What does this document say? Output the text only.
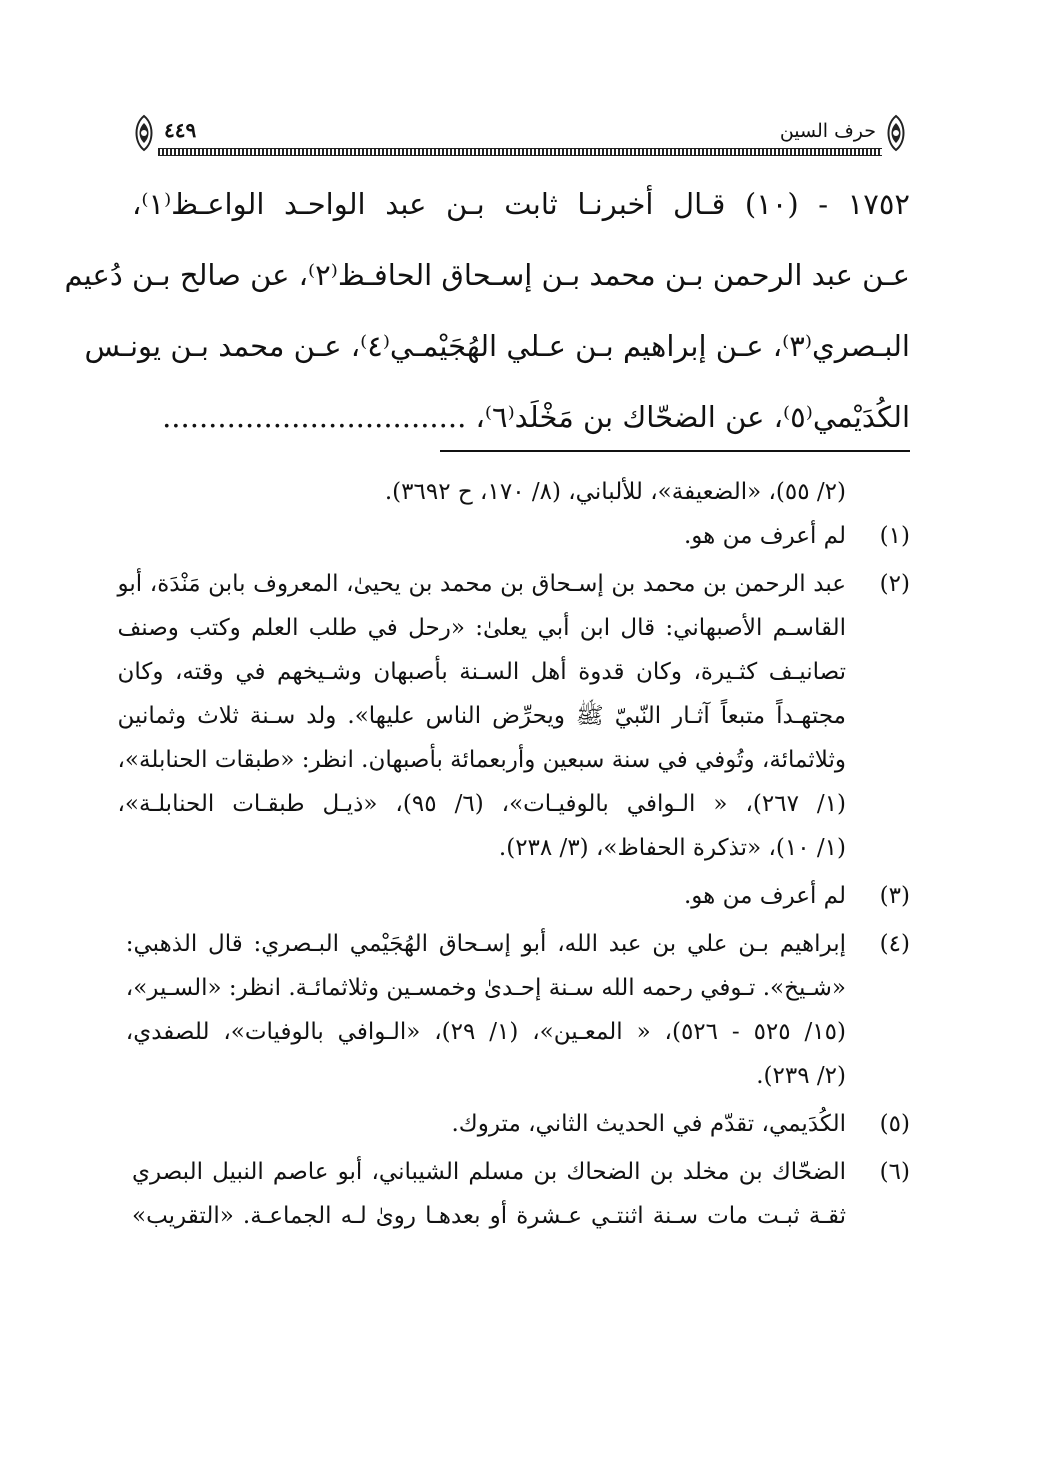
حرف السين
٤٤٩
١٧٥٢ - (١٠) قـال أخبرنـا ثابت بـن عبد الواحـد الواعـظ⁽١⁾،
عـن عبد الرحمن بـن محمد بـن إسـحاق الحافـظ⁽٢⁾، عن صالح بـن دُعيم
البـصري⁽٣⁾، عـن إبراهيم بـن عـلي الهُجَيْمـي⁽٤⁾، عـن محمد بـن يونـس
الكُدَيْمي⁽٥⁾، عن الضحّاك بن مَخْلَد⁽٦⁾، .................................
(٢/ ٥٥)، «الضعيفة»، للألباني، (٨/ ١٧٠، ح ٣٦٩٢).
(١)
لم أعرف من هو.
(٢)
عبد الرحمن بن محمد بن إسـحاق بن محمد بن يحيىٰ، المعروف بابن مَنْدَة، أبو
القاسـم الأصبهاني: قال ابن أبي يعلىٰ: «رحل في طلب العلم وكتب وصنف
تصانيـف كثـيرة، وكان قدوة أهل السـنة بأصبهان وشـيخهم في وقته، وكان
مجتهـداً متبعاً آثـار النّبيّ ﷺ ويحرِّض الناس عليها». ولد سـنة ثلاث وثمانين
وثلاثمائة، وتُوفي في سنة سبعين وأربعمائة بأصبهان. انظر: «طبقات الحنابلة»،
(١/ ٢٦٧)، « الـوافي بالوفيـات»، (٦/ ٩٥)، «ذيـل طبقـات الحنابلـة»،
(١/ ١٠)، «تذكرة الحفاظ»، (٣/ ٢٣٨).
(٣)
لم أعرف من هو.
(٤)
إبراهيم بـن علي بن عبد الله، أبو إسـحاق الهُجَيْمي البـصري: قال الذهبي:
«شـيخ». تـوفي رحمه الله سـنة إحـدىٰ وخمسـين وثلاثمائـة. انظر: «السـير»،
(١٥/ ٥٢٥ - ٥٢٦)، « المعـين»، (١/ ٢٩)، «الـوافي بالوفيات»، للصفدي،
(٢/ ٢٣٩).
(٥)
الكُدَيمي، تقدّم في الحديث الثاني، متروك.
(٦)
الضحّاك بن مخلد بن الضحاك بن مسلم الشيباني، أبو عاصم النبيل البصري
ثقـة ثبـت مات سـنة اثنتـي عـشرة أو بعدهـا روىٰ لـه الجماعـة. «التقريب»
